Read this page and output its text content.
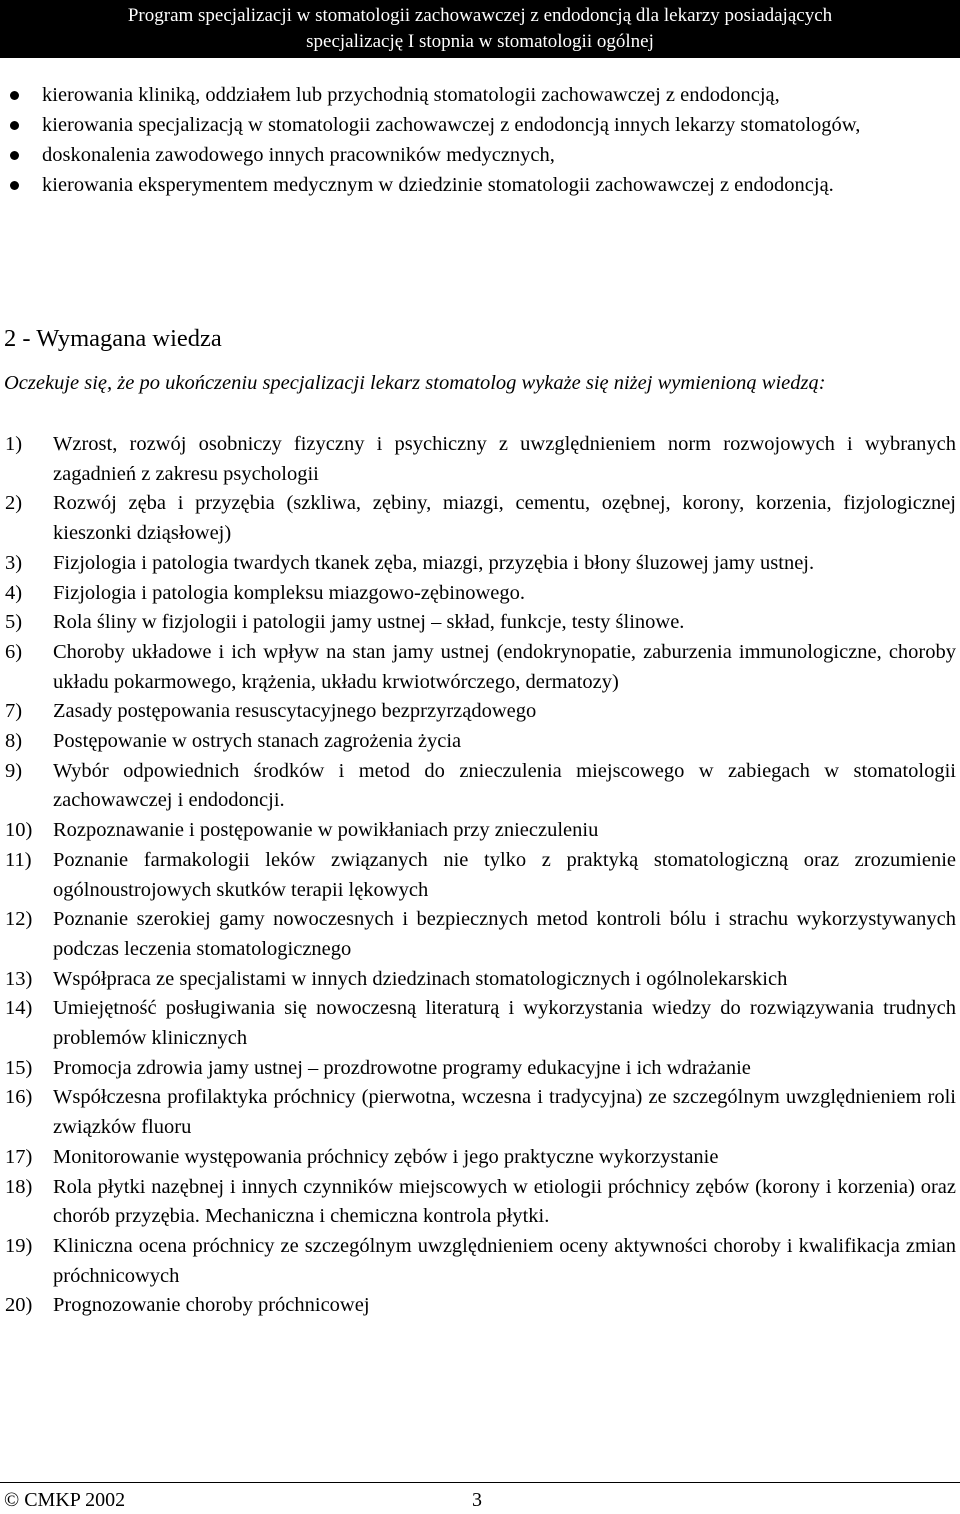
Program specjalizacji w stomatologii zachowawczej z endodoncją dla lekarzy posiadających
specjalizację I stopnia w stomatologii ogólnej
kierowania kliniką, oddziałem lub przychodnią stomatologii zachowawczej z endodoncją,
kierowania specjalizacją w stomatologii zachowawczej z endodoncją innych lekarzy stomatologów,
doskonalenia zawodowego innych pracowników medycznych,
kierowania eksperymentem medycznym w dziedzinie stomatologii zachowawczej z endodoncją.
2 - Wymagana wiedza

Oczekuje się, że po ukończeniu specjalizacji lekarz stomatolog wykaże się niżej wymienioną wiedzą:

1) Wzrost, rozwój osobniczy fizyczny i psychiczny z uwzględnieniem norm rozwojowych i wybranych zagadnień z zakresu psychologii
2) Rozwój zęba i przyzębia (szkliwa, zębiny, miazgi, cementu, ozębnej, korony, korzenia, fizjologicznej kieszonki dziąsłowej)
3) Fizjologia i patologia twardych tkanek zęba, miazgi, przyzębia i błony śluzowej jamy ustnej.
4) Fizjologia i patologia kompleksu miazgowo-zębinowego.
5) Rola śliny w fizjologii i patologii jamy ustnej – skład, funkcje, testy ślinowe.
6) Choroby układowe i ich wpływ na stan jamy ustnej (endokrynopatie, zaburzenia immunologiczne, choroby układu pokarmowego, krążenia, układu krwiotwórczego, dermatozy)
7) Zasady postępowania resuscytacyjnego bezprzyrządowego
8) Postępowanie w ostrych stanach zagrożenia życia
9) Wybór odpowiednich środków i metod do znieczulenia miejscowego w zabiegach w stomatologii zachowawczej i endodoncji.
10) Rozpoznawanie i postępowanie w powikłaniach przy znieczuleniu
11) Poznanie farmakologii leków związanych nie tylko z praktyką stomatologiczną oraz zrozumienie ogólnoustrojowych skutków terapii lękowych
12) Poznanie szerokiej gamy nowoczesnych i bezpiecznych metod kontroli bólu i strachu wykorzystywanych podczas leczenia stomatologicznego
13) Współpraca ze specjalistami w innych dziedzinach stomatologicznych i ogólnolekarskich
14) Umiejętność posługiwania się nowoczesną literaturą i wykorzystania wiedzy do rozwiązywania trudnych problemów klinicznych
15) Promocja zdrowia jamy ustnej – prozdrowotne programy edukacyjne i ich wdrażanie
16) Współczesna profilaktyka próchnicy (pierwotna, wczesna i tradycyjna) ze szczególnym uwzględnieniem roli związków fluoru
17) Monitorowanie występowania próchnicy zębów i jego praktyczne wykorzystanie
18) Rola płytki nazębnej i innych czynników miejscowych w etiologii próchnicy zębów (korony i korzenia) oraz chorób przyzębia. Mechaniczna i chemiczna kontrola płytki.
19) Kliniczna ocena próchnicy ze szczególnym uwzględnieniem oceny aktywności choroby i kwalifikacja zmian próchnicowych
20) Prognozowanie choroby próchnicowej
© CMKP 2002	3
